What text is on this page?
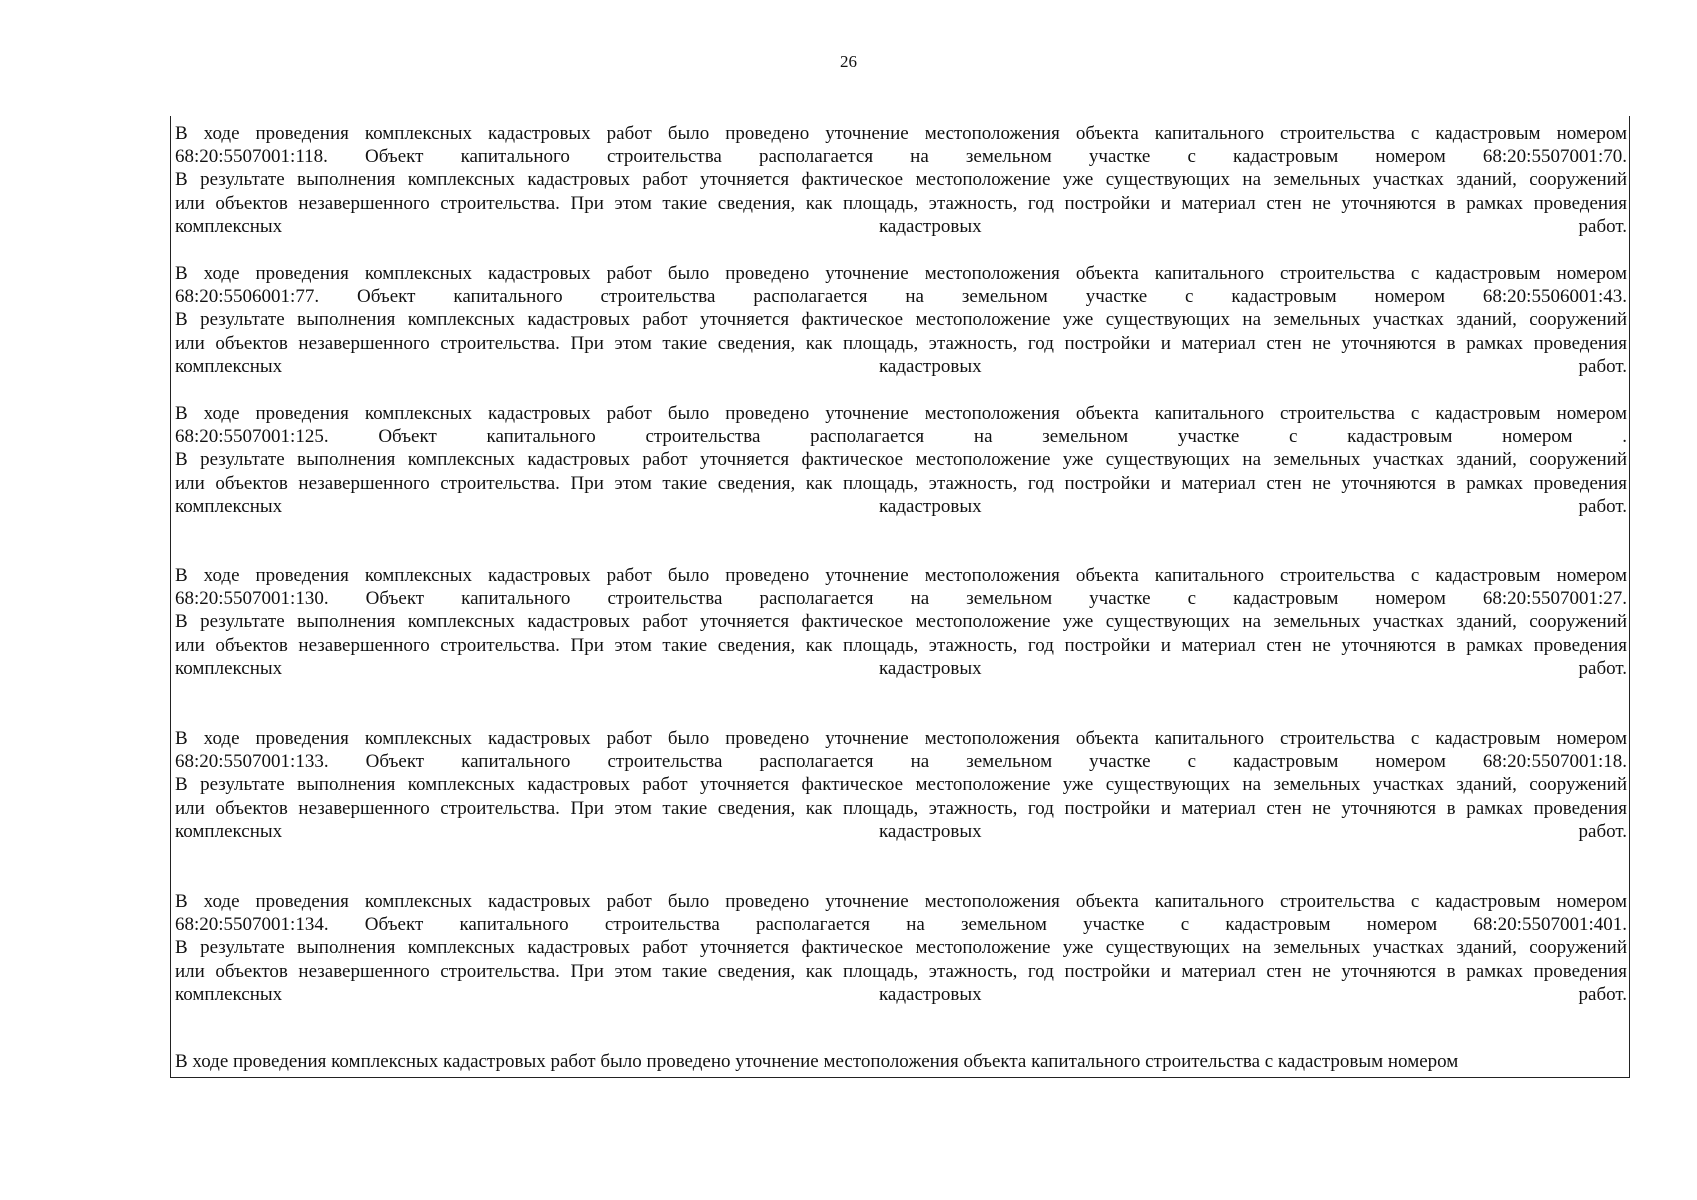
26
В ходе проведения комплексных кадастровых работ было проведено уточнение местоположения объекта капитального строительства с кадастровым номером
68:20:5507001:118. Объект капитального строительства располагается на земельном участке с кадастровым номером 68:20:5507001:70.
В результате выполнения комплексных кадастровых работ уточняется фактическое местоположение уже существующих на земельных участках зданий, сооружений
или объектов незавершенного строительства. При этом такие сведения, как площадь, этажность, год постройки и материал стен не уточняются в рамках проведения
комплексных кадастровых работ.
В ходе проведения комплексных кадастровых работ было проведено уточнение местоположения объекта капитального строительства с кадастровым номером
68:20:5506001:77. Объект капитального строительства располагается на земельном участке с кадастровым номером 68:20:5506001:43.
В результате выполнения комплексных кадастровых работ уточняется фактическое местоположение уже существующих на земельных участках зданий, сооружений
или объектов незавершенного строительства. При этом такие сведения, как площадь, этажность, год постройки и материал стен не уточняются в рамках проведения
комплексных кадастровых работ.
В ходе проведения комплексных кадастровых работ было проведено уточнение местоположения объекта капитального строительства с кадастровым номером
68:20:5507001:125. Объект капитального строительства располагается на земельном участке с кадастровым номером .
В результате выполнения комплексных кадастровых работ уточняется фактическое местоположение уже существующих на земельных участках зданий, сооружений
или объектов незавершенного строительства. При этом такие сведения, как площадь, этажность, год постройки и материал стен не уточняются в рамках проведения
комплексных кадастровых работ.
В ходе проведения комплексных кадастровых работ было проведено уточнение местоположения объекта капитального строительства с кадастровым номером
68:20:5507001:130. Объект капитального строительства располагается на земельном участке с кадастровым номером 68:20:5507001:27.
В результате выполнения комплексных кадастровых работ уточняется фактическое местоположение уже существующих на земельных участках зданий, сооружений
или объектов незавершенного строительства. При этом такие сведения, как площадь, этажность, год постройки и материал стен не уточняются в рамках проведения
комплексных кадастровых работ.
В ходе проведения комплексных кадастровых работ было проведено уточнение местоположения объекта капитального строительства с кадастровым номером
68:20:5507001:133. Объект капитального строительства располагается на земельном участке с кадастровым номером 68:20:5507001:18.
В результате выполнения комплексных кадастровых работ уточняется фактическое местоположение уже существующих на земельных участках зданий, сооружений
или объектов незавершенного строительства. При этом такие сведения, как площадь, этажность, год постройки и материал стен не уточняются в рамках проведения
комплексных кадастровых работ.
В ходе проведения комплексных кадастровых работ было проведено уточнение местоположения объекта капитального строительства с кадастровым номером
68:20:5507001:134. Объект капитального строительства располагается на земельном участке с кадастровым номером 68:20:5507001:401.
В результате выполнения комплексных кадастровых работ уточняется фактическое местоположение уже существующих на земельных участках зданий, сооружений
или объектов незавершенного строительства. При этом такие сведения, как площадь, этажность, год постройки и материал стен не уточняются в рамках проведения
комплексных кадастровых работ.
В ходе проведения комплексных кадастровых работ было проведено уточнение местоположения объекта капитального строительства с кадастровым номером
